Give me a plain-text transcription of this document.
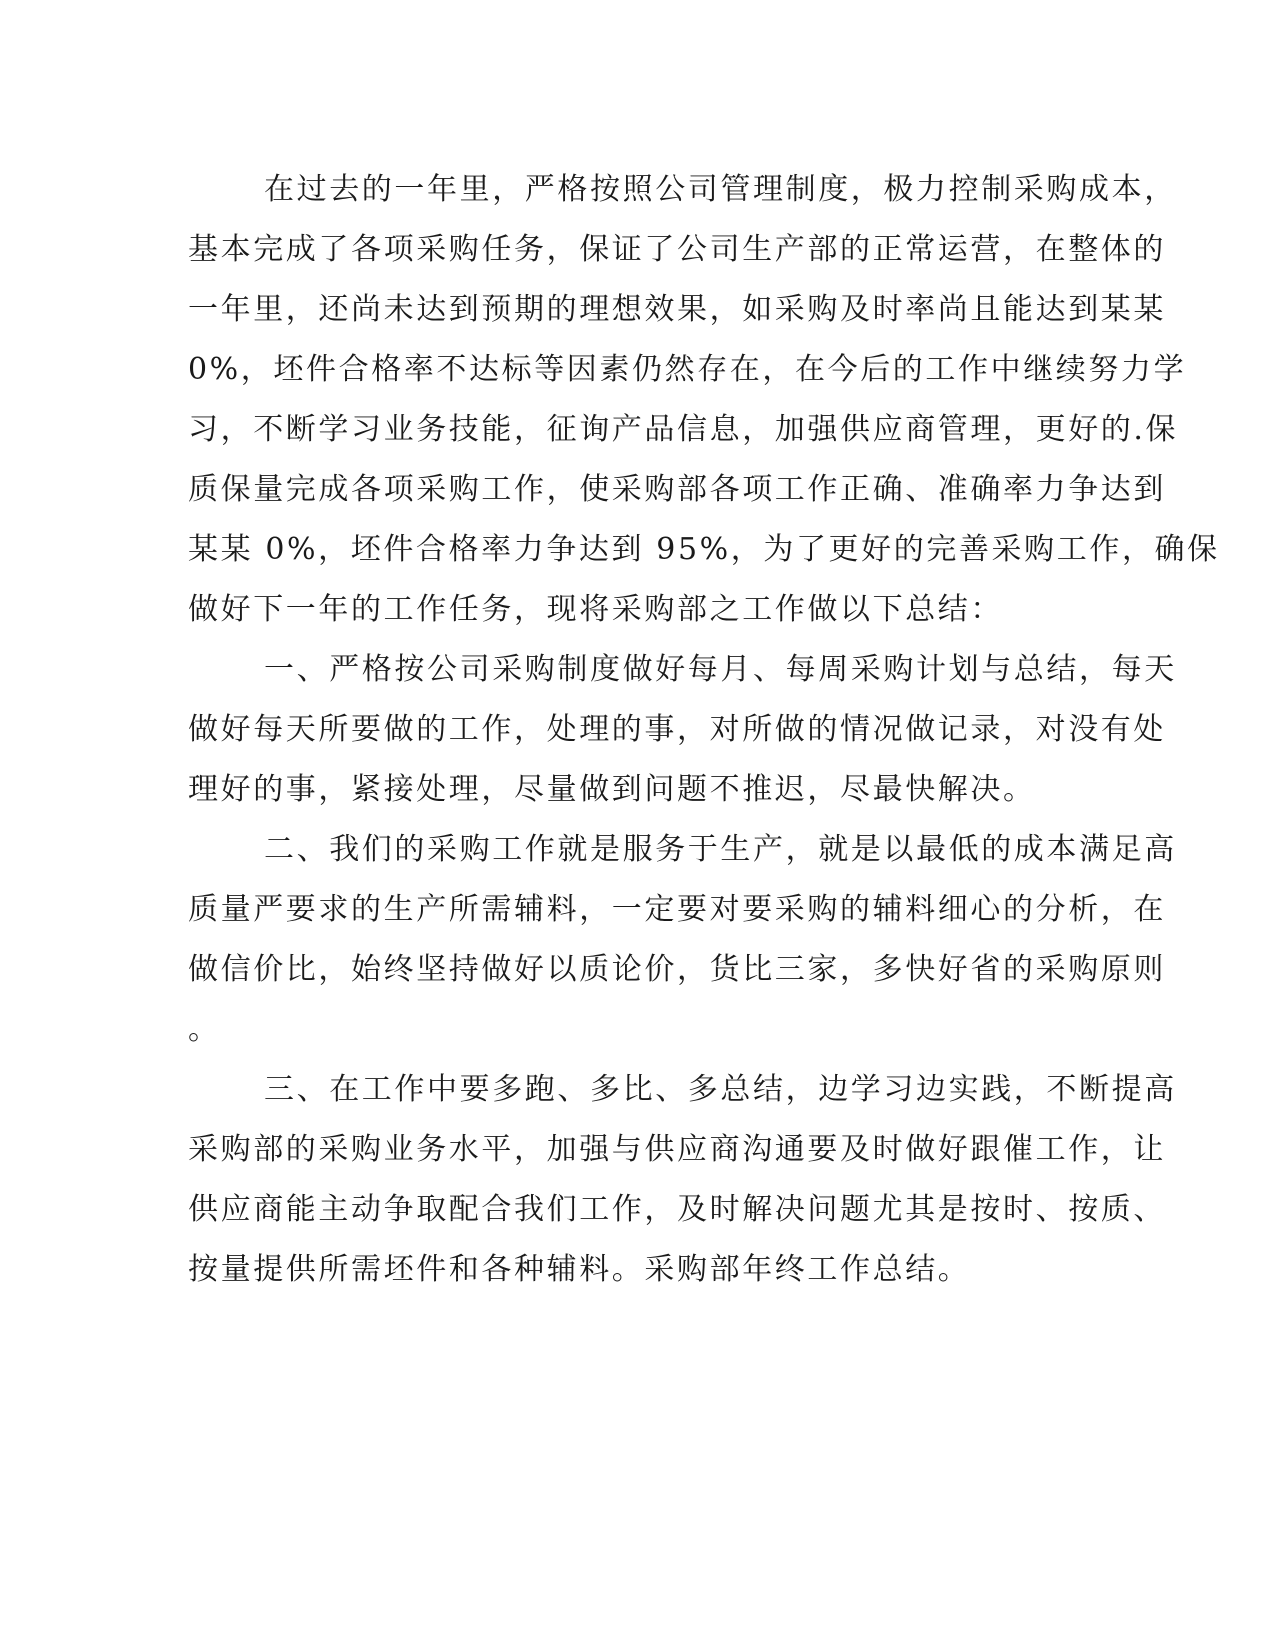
在过去的一年里，严格按照公司管理制度，极力控制采购成本，
基本完成了各项采购任务，保证了公司生产部的正常运营，在整体的
一年里，还尚未达到预期的理想效果，如采购及时率尚且能达到某某
0%，坯件合格率不达标等因素仍然存在，在今后的工作中继续努力学
习，不断学习业务技能，征询产品信息，加强供应商管理，更好的.保
质保量完成各项采购工作，使采购部各项工作正确、准确率力争达到
某某 0%，坯件合格率力争达到 95%，为了更好的完善采购工作，确保
做好下一年的工作任务，现将采购部之工作做以下总结：
一、严格按公司采购制度做好每月、每周采购计划与总结，每天
做好每天所要做的工作，处理的事，对所做的情况做记录，对没有处
理好的事，紧接处理，尽量做到问题不推迟，尽最快解决。
二、我们的采购工作就是服务于生产，就是以最低的成本满足高
质量严要求的生产所需辅料，一定要对要采购的辅料细心的分析，在
做信价比，始终坚持做好以质论价，货比三家，多快好省的采购原则
。
三、在工作中要多跑、多比、多总结，边学习边实践，不断提高
采购部的采购业务水平，加强与供应商沟通要及时做好跟催工作，让
供应商能主动争取配合我们工作，及时解决问题尤其是按时、按质、
按量提供所需坯件和各种辅料。采购部年终工作总结。
